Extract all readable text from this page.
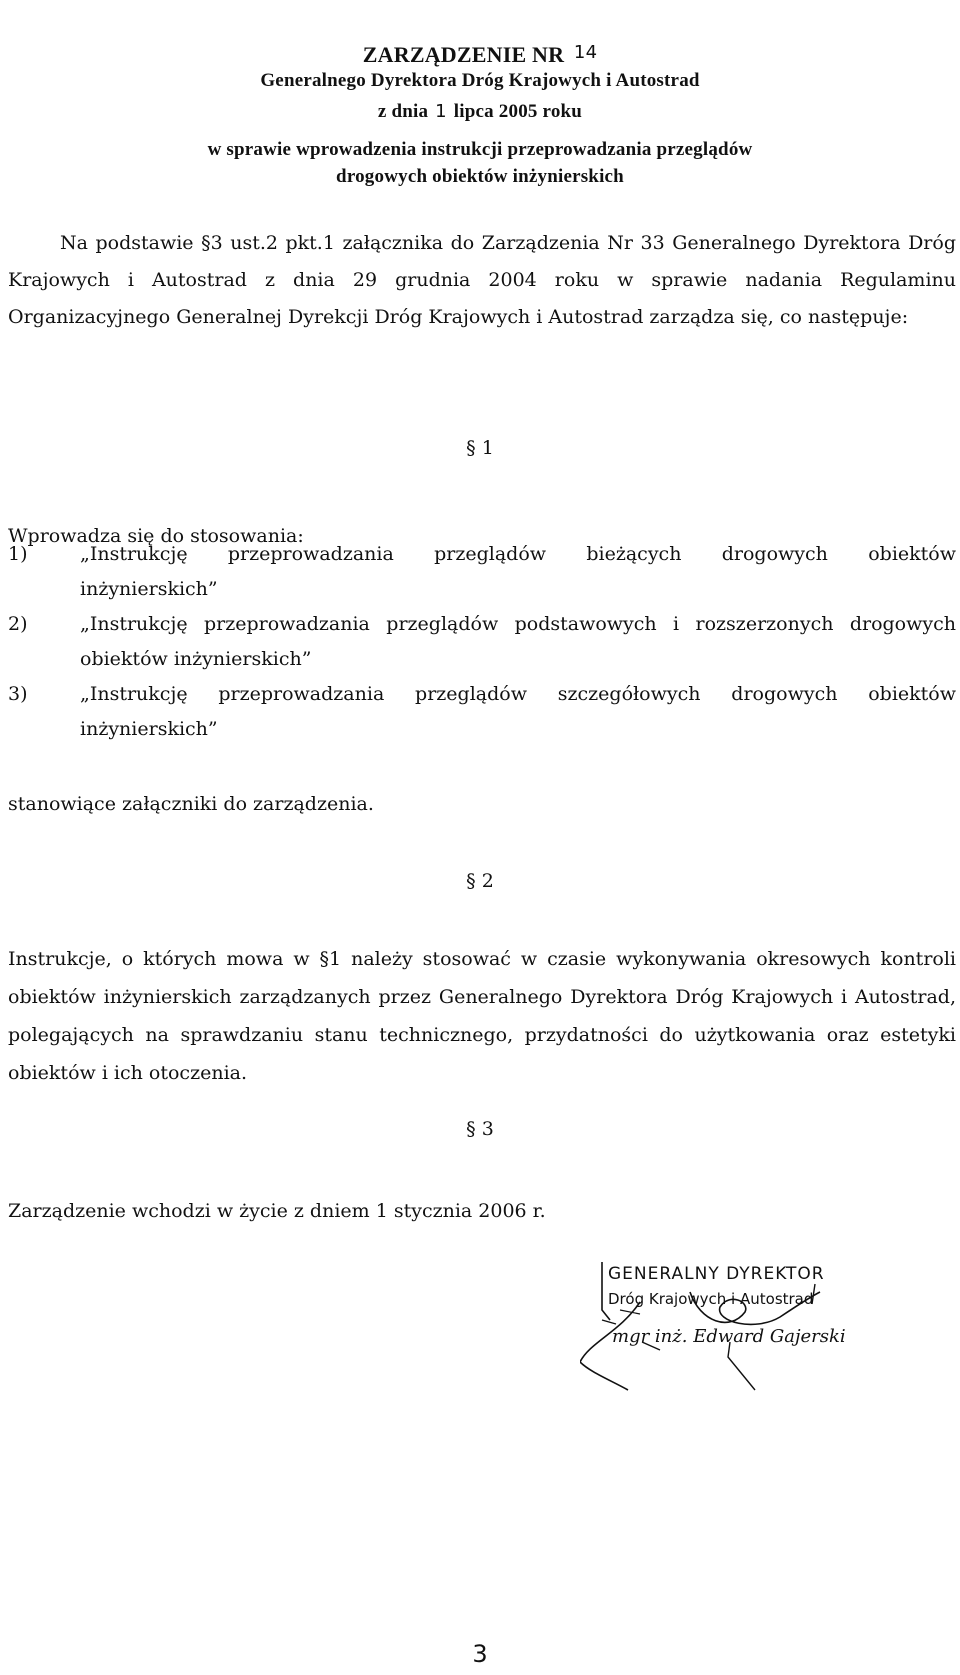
ZARZĄDZENIE NR 14
Generalnego Dyrektora Dróg Krajowych i Autostrad
z dnia 1 lipca 2005 roku
w sprawie wprowadzenia instrukcji przeprowadzania przeglądów
drogowych obiektów inżynierskich
Na podstawie §3 ust.2 pkt.1 załącznika do Zarządzenia Nr 33 Generalnego Dyrektora Dróg Krajowych i Autostrad z dnia 29 grudnia 2004 roku w sprawie nadania Regulaminu Organizacyjnego Generalnej Dyrekcji Dróg Krajowych i Autostrad zarządza się, co następuje:
§ 1
Wprowadza się do stosowania:
1)	„Instrukcję przeprowadzania przeglądów bieżących drogowych obiektów
inżynierskich”
2)	„Instrukcję przeprowadzania przeglądów podstawowych i rozszerzonych drogowych
obiektów inżynierskich”
3)	„Instrukcję przeprowadzania przeglądów szczegółowych drogowych obiektów
inżynierskich”
stanowiące załączniki do zarządzenia.
§ 2
Instrukcje, o których mowa w §1 należy stosować w czasie wykonywania okresowych kontroli obiektów inżynierskich zarządzanych przez Generalnego Dyrektora Dróg Krajowych i Autostrad, polegających na sprawdzaniu stanu technicznego, przydatności do użytkowania oraz estetyki obiektów i ich otoczenia.
§ 3
Zarządzenie wchodzi w życie z dniem 1 stycznia 2006 r.
GENERALNY DYREKTOR
Dróg Krajowych i Autostrad
mgr inż. Edward Gajerski
3
